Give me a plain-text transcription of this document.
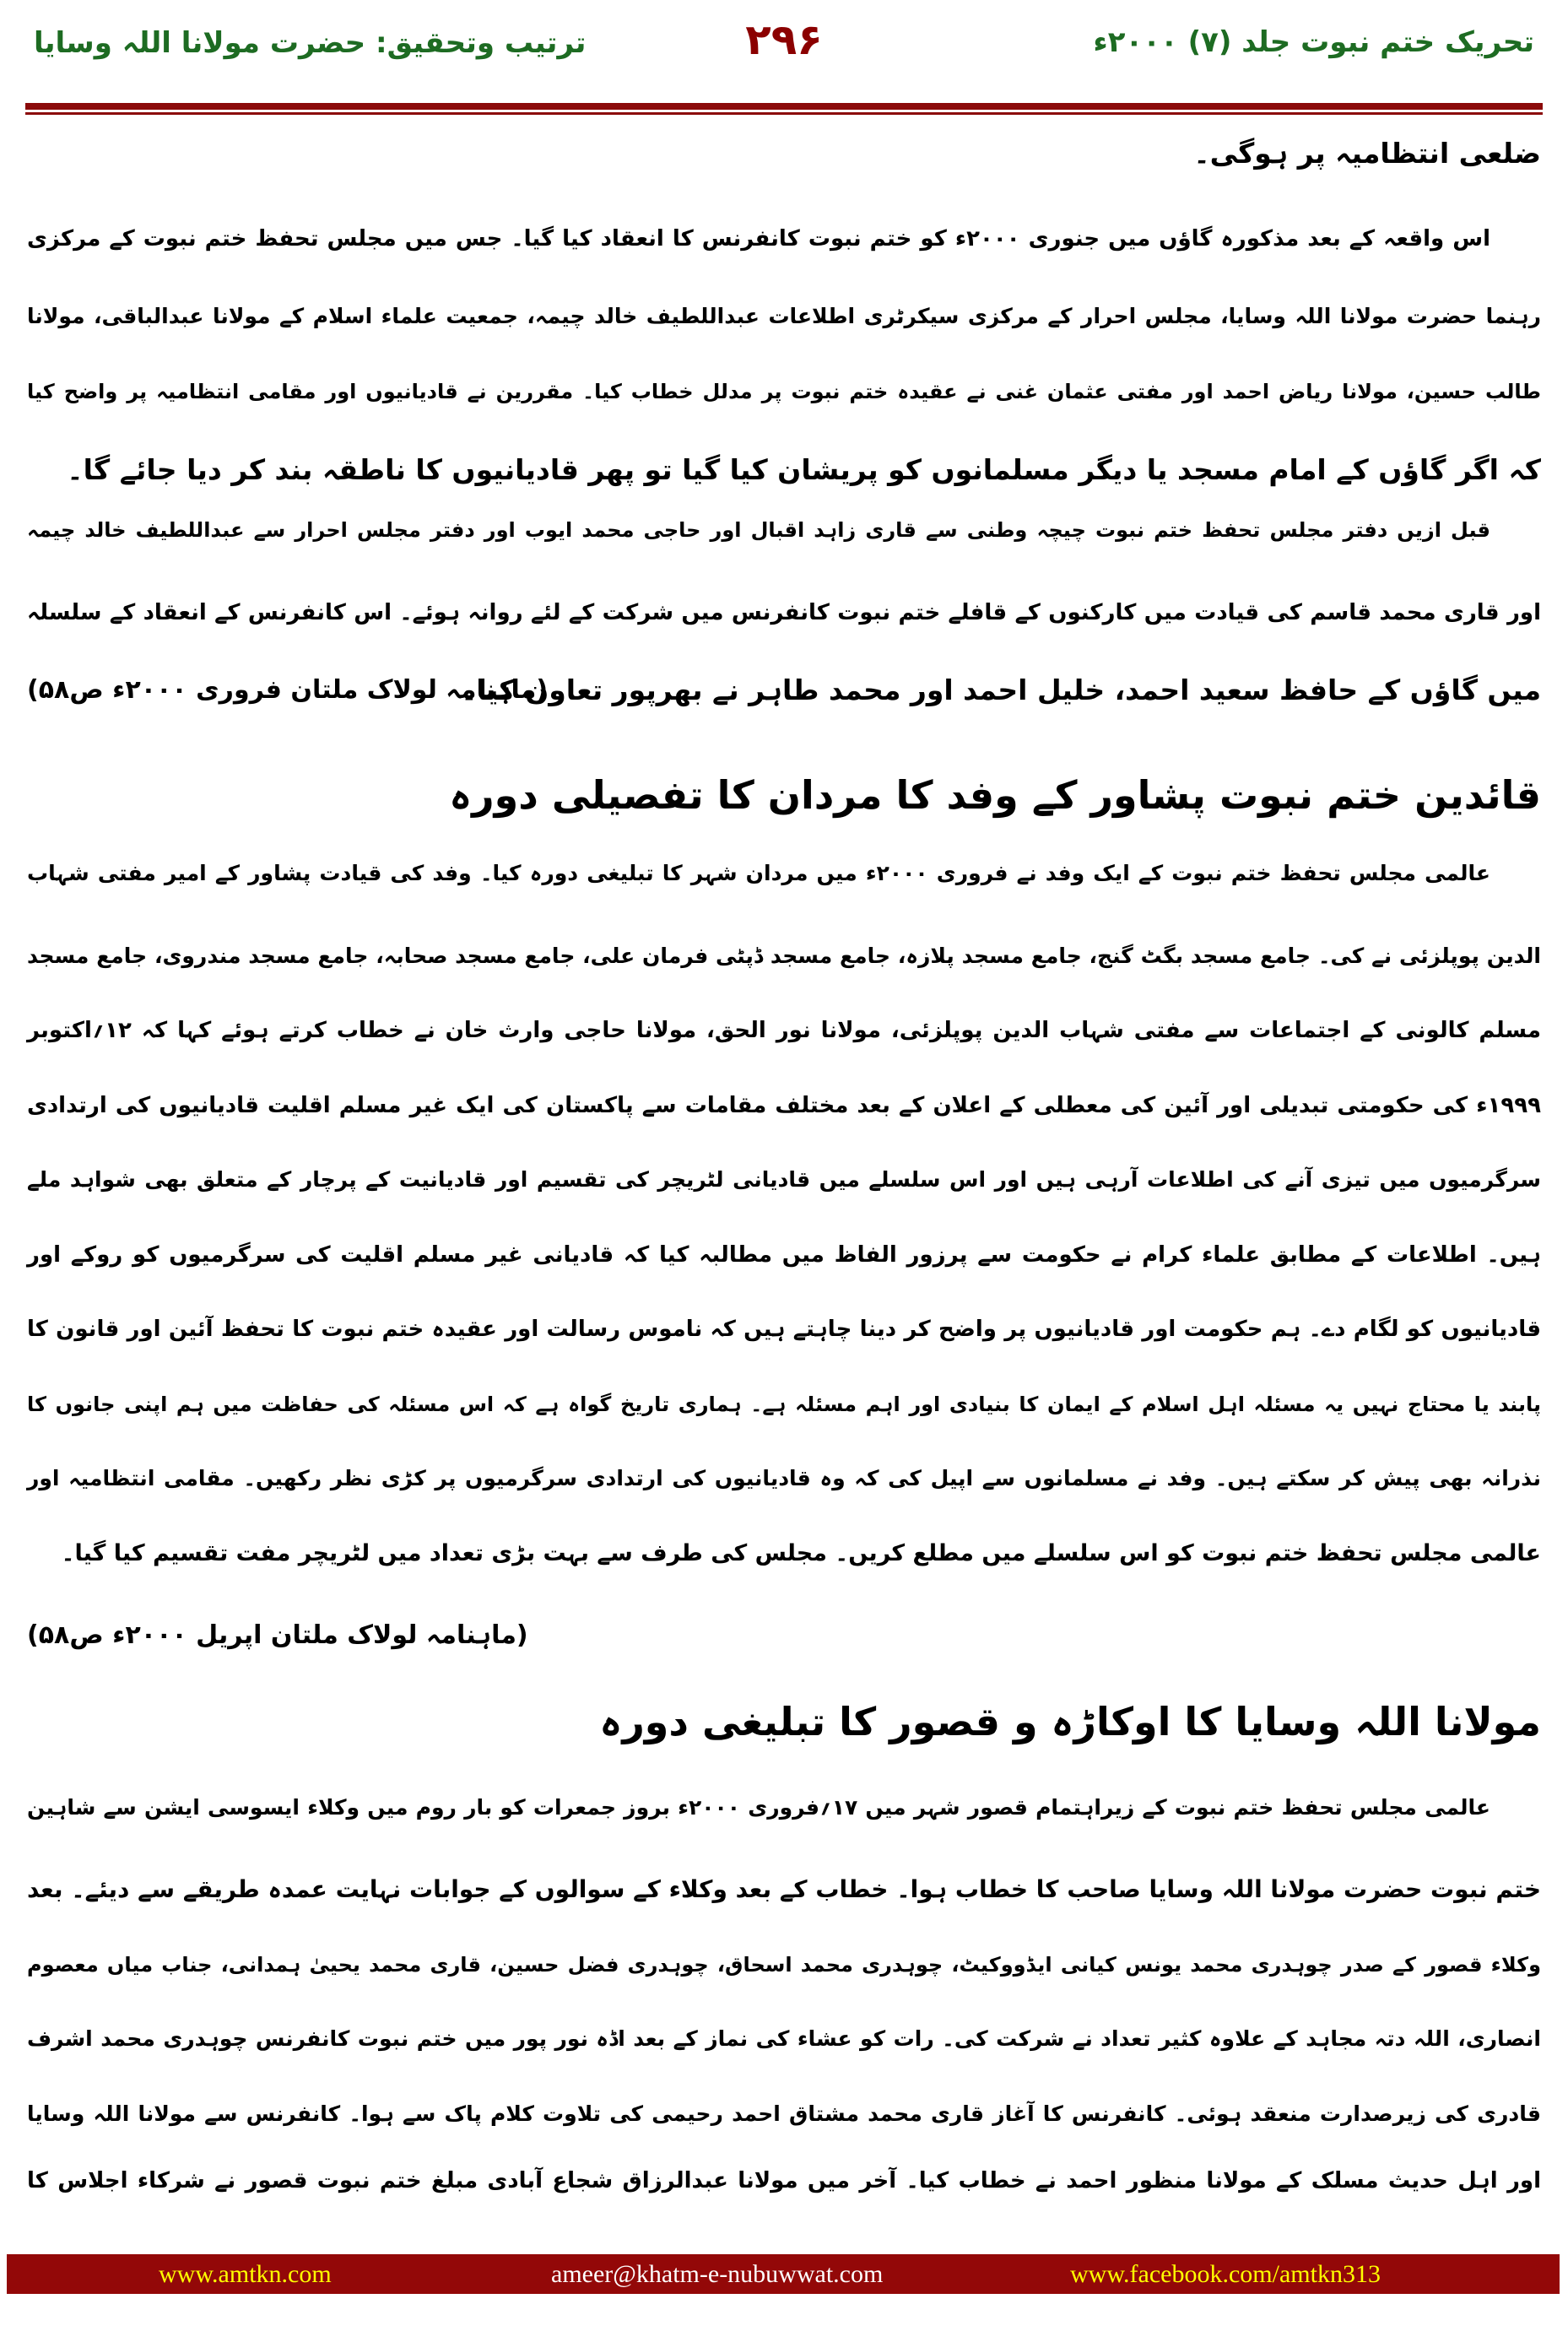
تحریک ختم نبوت جلد (۷) ۲۰۰۰ء
۲۹۶
ترتیب وتحقیق: حضرت مولانا اللہ وسایا
ضلعی انتظامیہ پر ہوگی۔
اس واقعہ کے بعد مذکورہ گاؤں میں جنوری ۲۰۰۰ء کو ختم نبوت کانفرنس کا انعقاد کیا گیا۔ جس میں مجلس تحفظ ختم نبوت کے مرکزی
رہنما حضرت مولانا اللہ وسایا، مجلس احرار کے مرکزی سیکرٹری اطلاعات عبداللطیف خالد چیمہ، جمعیت علماء اسلام کے مولانا عبدالباقی، مولانا
طالب حسین، مولانا ریاض احمد اور مفتی عثمان غنی نے عقیدہ ختم نبوت پر مدلل خطاب کیا۔ مقررین نے قادیانیوں اور مقامی انتظامیہ پر واضح کیا
کہ اگر گاؤں کے امام مسجد یا دیگر مسلمانوں کو پریشان کیا گیا تو پھر قادیانیوں کا ناطقہ بند کر دیا جائے گا۔
قبل ازیں دفتر مجلس تحفظ ختم نبوت چیچہ وطنی سے قاری زاہد اقبال اور حاجی محمد ایوب اور دفتر مجلس احرار سے عبداللطیف خالد چیمہ
اور قاری محمد قاسم کی قیادت میں کارکنوں کے قافلے ختم نبوت کانفرنس میں شرکت کے لئے روانہ ہوئے۔ اس کانفرنس کے انعقاد کے سلسلہ
میں گاؤں کے حافظ سعید احمد، خلیل احمد اور محمد طاہر نے بھرپور تعاون کیا۔
(ماہنامہ لولاک ملتان فروری ۲۰۰۰ء ص۵۸)
قائدین ختم نبوت پشاور کے وفد کا مردان کا تفصیلی دورہ
عالمی مجلس تحفظ ختم نبوت کے ایک وفد نے فروری ۲۰۰۰ء میں مردان شہر کا تبلیغی دورہ کیا۔ وفد کی قیادت پشاور کے امیر مفتی شہاب
الدین پوپلزئی نے کی۔ جامع مسجد بگٹ گنج، جامع مسجد پلازہ، جامع مسجد ڈپٹی فرمان علی، جامع مسجد صحابہ، جامع مسجد مندروی، جامع مسجد
مسلم کالونی کے اجتماعات سے مفتی شہاب الدین پوپلزئی، مولانا نور الحق، مولانا حاجی وارث خان نے خطاب کرتے ہوئے کہا کہ ۱۲؍اکتوبر
۱۹۹۹ء کی حکومتی تبدیلی اور آئین کی معطلی کے اعلان کے بعد مختلف مقامات سے پاکستان کی ایک غیر مسلم اقلیت قادیانیوں کی ارتدادی
سرگرمیوں میں تیزی آنے کی اطلاعات آرہی ہیں اور اس سلسلے میں قادیانی لٹریچر کی تقسیم اور قادیانیت کے پرچار کے متعلق بھی شواہد ملے
ہیں۔ اطلاعات کے مطابق علماء کرام نے حکومت سے پرزور الفاظ میں مطالبہ کیا کہ قادیانی غیر مسلم اقلیت کی سرگرمیوں کو روکے اور
قادیانیوں کو لگام دے۔ ہم حکومت اور قادیانیوں پر واضح کر دینا چاہتے ہیں کہ ناموس رسالت اور عقیدہ ختم نبوت کا تحفظ آئین اور قانون کا
پابند یا محتاج نہیں یہ مسئلہ اہل اسلام کے ایمان کا بنیادی اور اہم مسئلہ ہے۔ ہماری تاریخ گواہ ہے کہ اس مسئلہ کی حفاظت میں ہم اپنی جانوں کا
نذرانہ بھی پیش کر سکتے ہیں۔ وفد نے مسلمانوں سے اپیل کی کہ وہ قادیانیوں کی ارتدادی سرگرمیوں پر کڑی نظر رکھیں۔ مقامی انتظامیہ اور
عالمی مجلس تحفظ ختم نبوت کو اس سلسلے میں مطلع کریں۔ مجلس کی طرف سے بہت بڑی تعداد میں لٹریچر مفت تقسیم کیا گیا۔
(ماہنامہ لولاک ملتان اپریل ۲۰۰۰ء ص۵۸)
مولانا اللہ وسایا کا اوکاڑہ و قصور کا تبلیغی دورہ
عالمی مجلس تحفظ ختم نبوت کے زیراہتمام قصور شہر میں ۱۷؍فروری ۲۰۰۰ء بروز جمعرات کو بار روم میں وکلاء ایسوسی ایشن سے شاہین
ختم نبوت حضرت مولانا اللہ وسایا صاحب کا خطاب ہوا۔ خطاب کے بعد وکلاء کے سوالوں کے جوابات نہایت عمدہ طریقے سے دیئے۔ بعد
وکلاء قصور کے صدر چوہدری محمد یونس کیانی ایڈووکیٹ، چوہدری محمد اسحاق، چوہدری فضل حسین، قاری محمد یحییٰ ہمدانی، جناب میاں معصوم
انصاری، اللہ دتہ مجاہد کے علاوہ کثیر تعداد نے شرکت کی۔ رات کو عشاء کی نماز کے بعد اڈہ نور پور میں ختم نبوت کانفرنس چوہدری محمد اشرف
قادری کی زیرصدارت منعقد ہوئی۔ کانفرنس کا آغاز قاری محمد مشتاق احمد رحیمی کی تلاوت کلام پاک سے ہوا۔ کانفرنس سے مولانا اللہ وسایا
اور اہل حدیث مسلک کے مولانا منظور احمد نے خطاب کیا۔ آخر میں مولانا عبدالرزاق شجاع آبادی مبلغ ختم نبوت قصور نے شرکاء اجلاس کا
www.amtkn.com	ameer@khatm-e-nubuwwat.com	www.facebook.com/amtkn313
